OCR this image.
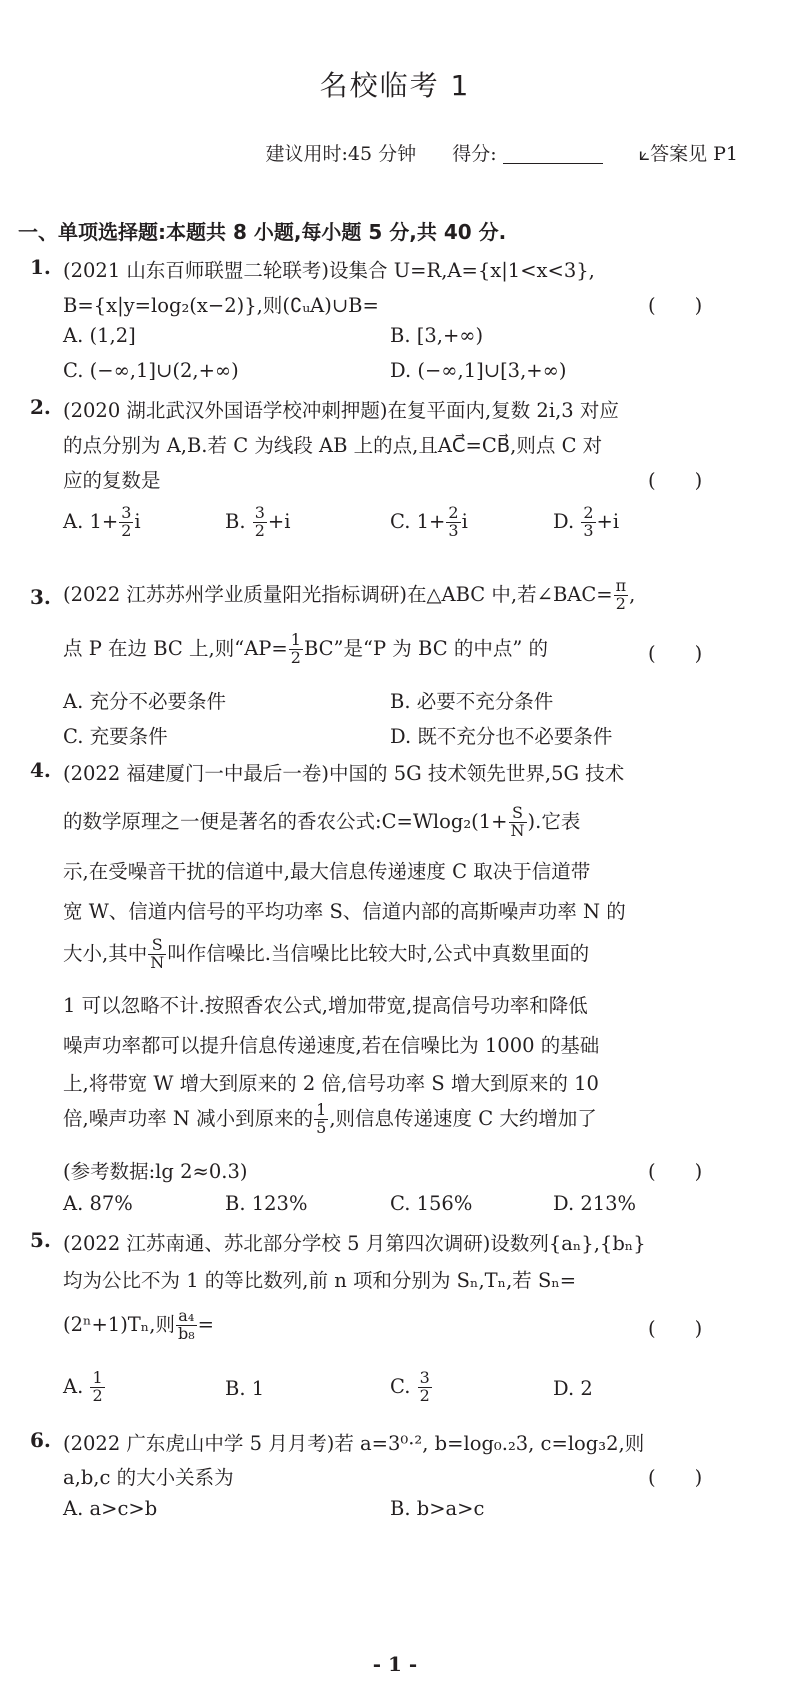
名校临考 1
建议用时:45 分钟 得分:	⟀答案见 P1
一、单项选择题:本题共 8 小题,每小题 5 分,共 40 分.
1. (2021 山东百师联盟二轮联考)设集合 U=R,A={x|1<x<3},
B={x|y=log₂(x−2)},则(∁ᵤA)∪B=	(　　)
A. (1,2]	B. [3,+∞)
C. (−∞,1]∪(2,+∞)	D. (−∞,1]∪[3,+∞)
2. (2020 湖北武汉外国语学校冲刺押题)在复平面内,复数 2i,3 对应
的点分别为 A,B.若 C 为线段 AB 上的点,且AC⃗=CB⃗,则点 C 对
应的复数是	(　　)
A. $1+ \frac{3}{2}$ i	B. $\frac{3}{2} +i$	C. $1+ \frac{2}{3}$ i	D. $\frac{2}{3} +i$
3. (2022 江苏苏州学业质量阳光指标调研)在△ABC 中,若∠BAC= $\frac{\pi}{2}$ ,
点 P 在边 BC 上,则“$AP= \frac{1}{2}$ BC”是“P 为 BC 的中点” 的	(　　)
A. 充分不必要条件	B. 必要不充分条件
C. 充要条件	D. 既不充分也不必要条件
4. (2022 福建厦门一中最后一卷)中国的 5G 技术领先世界,5G 技术
的数学原理之一便是著名的香农公式:C=Wlog₂(1+ $\frac{S}{N}$ ).它表
示,在受噪音干扰的信道中,最大信息传递速度 C 取决于信道带
宽 W、信道内信号的平均功率 S、信道内部的高斯噪声功率 N 的
大小,其中 $\frac{S}{N}$ 叫作信噪比.当信噪比比较大时,公式中真数里面的
1 可以忽略不计.按照香农公式,增加带宽,提高信号功率和降低
噪声功率都可以提升信息传递速度,若在信噪比为 1000 的基础
上,将带宽 W 增大到原来的 2 倍,信号功率 S 增大到原来的 10
倍,噪声功率 N 减小到原来的 $\frac{1}{5}$ ,则信息传递速度 C 大约增加了
(参考数据:lg 2≈0.3)	(　　)
A. 87%	B. 123%	C. 156%	D. 213%
5. (2022 江苏南通、苏北部分学校 5 月第四次调研)设数列{aₙ},{bₙ}
均为公比不为 1 的等比数列,前 n 项和分别为 Sₙ,Tₙ,若 Sₙ=
(2ⁿ+1)Tₙ,则 $\frac{\text{a₄}}{\text{b₈}}$ =	(　　)
A. $\frac{1}{2}$	B. 1	C. $\frac{3}{2}$	D. 2
6. (2022 广东虎山中学 5 月月考)若 a=3⁰·², b=log₀.₂3, c=log₃2,则
a,b,c 的大小关系为	(　　)
A. a>c>b	B. b>a>c
- 1 -
